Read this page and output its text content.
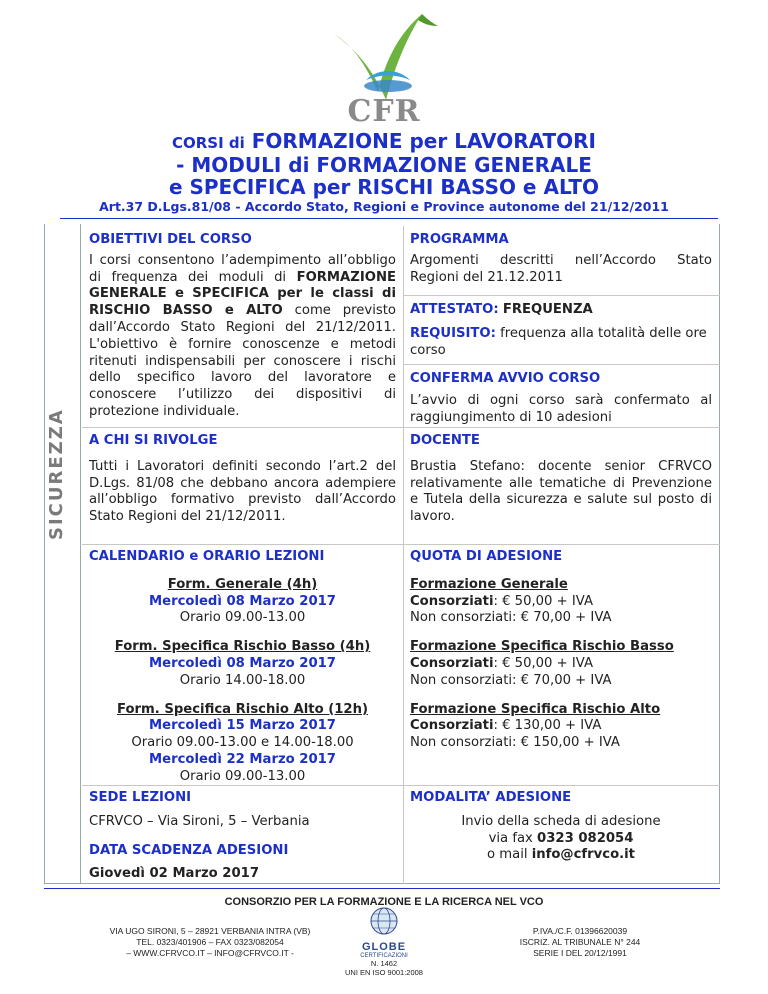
CFR
CORSI di FORMAZIONE per LAVORATORI
- MODULI di FORMAZIONE GENERALE
e SPECIFICA per RISCHI BASSO e ALTO
Art.37 D.Lgs.81/08 - Accordo Stato, Regioni e Province autonome del 21/12/2011
SICUREZZA
OBIETTIVI DEL CORSO
I corsi consentono l’adempimento all’obbligo di frequenza dei moduli di FORMAZIONE GENERALE e SPECIFICA per le classi di RISCHIO BASSO e ALTO come previsto dall’Accordo Stato Regioni del 21/12/2011. L'obiettivo è fornire conoscenze e metodi ritenuti indispensabili per conoscere i rischi dello specifico lavoro del lavoratore e conoscere l’utilizzo dei dispositivi di protezione individuale.
PROGRAMMA
Argomenti descritti nell’Accordo Stato Regioni del 21.12.2011
ATTESTATO: FREQUENZA
REQUISITO: frequenza alla totalità delle ore corso
CONFERMA AVVIO CORSO
L’avvio di ogni corso sarà confermato al raggiungimento di 10 adesioni
A CHI SI RIVOLGE
Tutti i Lavoratori definiti secondo l’art.2 del D.Lgs. 81/08 che debbano ancora adempiere all’obbligo formativo previsto dall’Accordo Stato Regioni del 21/12/2011.
DOCENTE
Brustia Stefano: docente senior CFRVCO relativamente alle tematiche di Prevenzione e Tutela della sicurezza e salute sul posto di lavoro.
CALENDARIO e ORARIO LEZIONI
Form. Generale (4h)
Mercoledì 08 Marzo 2017
Orario 09.00-13.00
Form. Specifica Rischio Basso (4h)
Mercoledì 08 Marzo 2017
Orario 14.00-18.00
Form. Specifica Rischio Alto (12h)
Mercoledì 15 Marzo 2017
Orario 09.00-13.00 e 14.00-18.00
Mercoledì 22 Marzo 2017
Orario 09.00-13.00
QUOTA DI ADESIONE
Formazione Generale
Consorziati: € 50,00 + IVA
Non consorziati: € 70,00 + IVA
Formazione Specifica Rischio Basso
Consorziati: € 50,00 + IVA
Non consorziati: € 70,00 + IVA
Formazione Specifica Rischio Alto
Consorziati: € 130,00 + IVA
Non consorziati: € 150,00 + IVA
SEDE LEZIONI
CFRVCO – Via Sironi, 5 – Verbania
DATA SCADENZA ADESIONI
Giovedì 02 Marzo 2017
MODALITA’ ADESIONE
Invio della scheda di adesione
via fax 0323 082054
o mail info@cfrvco.it
CONSORZIO PER LA FORMAZIONE E LA RICERCA NEL VCO
VIA UGO SIRONI, 5 – 28921 VERBANIA INTRA (VB)
TEL. 0323/401906 – FAX 0323/082054
– WWW.CFRVCO.IT – INFO@CFRVCO.IT -	GLOBE
CERTIFICAZIONI
N. 1462
UNI EN ISO 9001:2008
P.IVA./C.F. 01396620039
ISCRIZ. AL TRIBUNALE N° 244
SERIE I DEL 20/12/1991
